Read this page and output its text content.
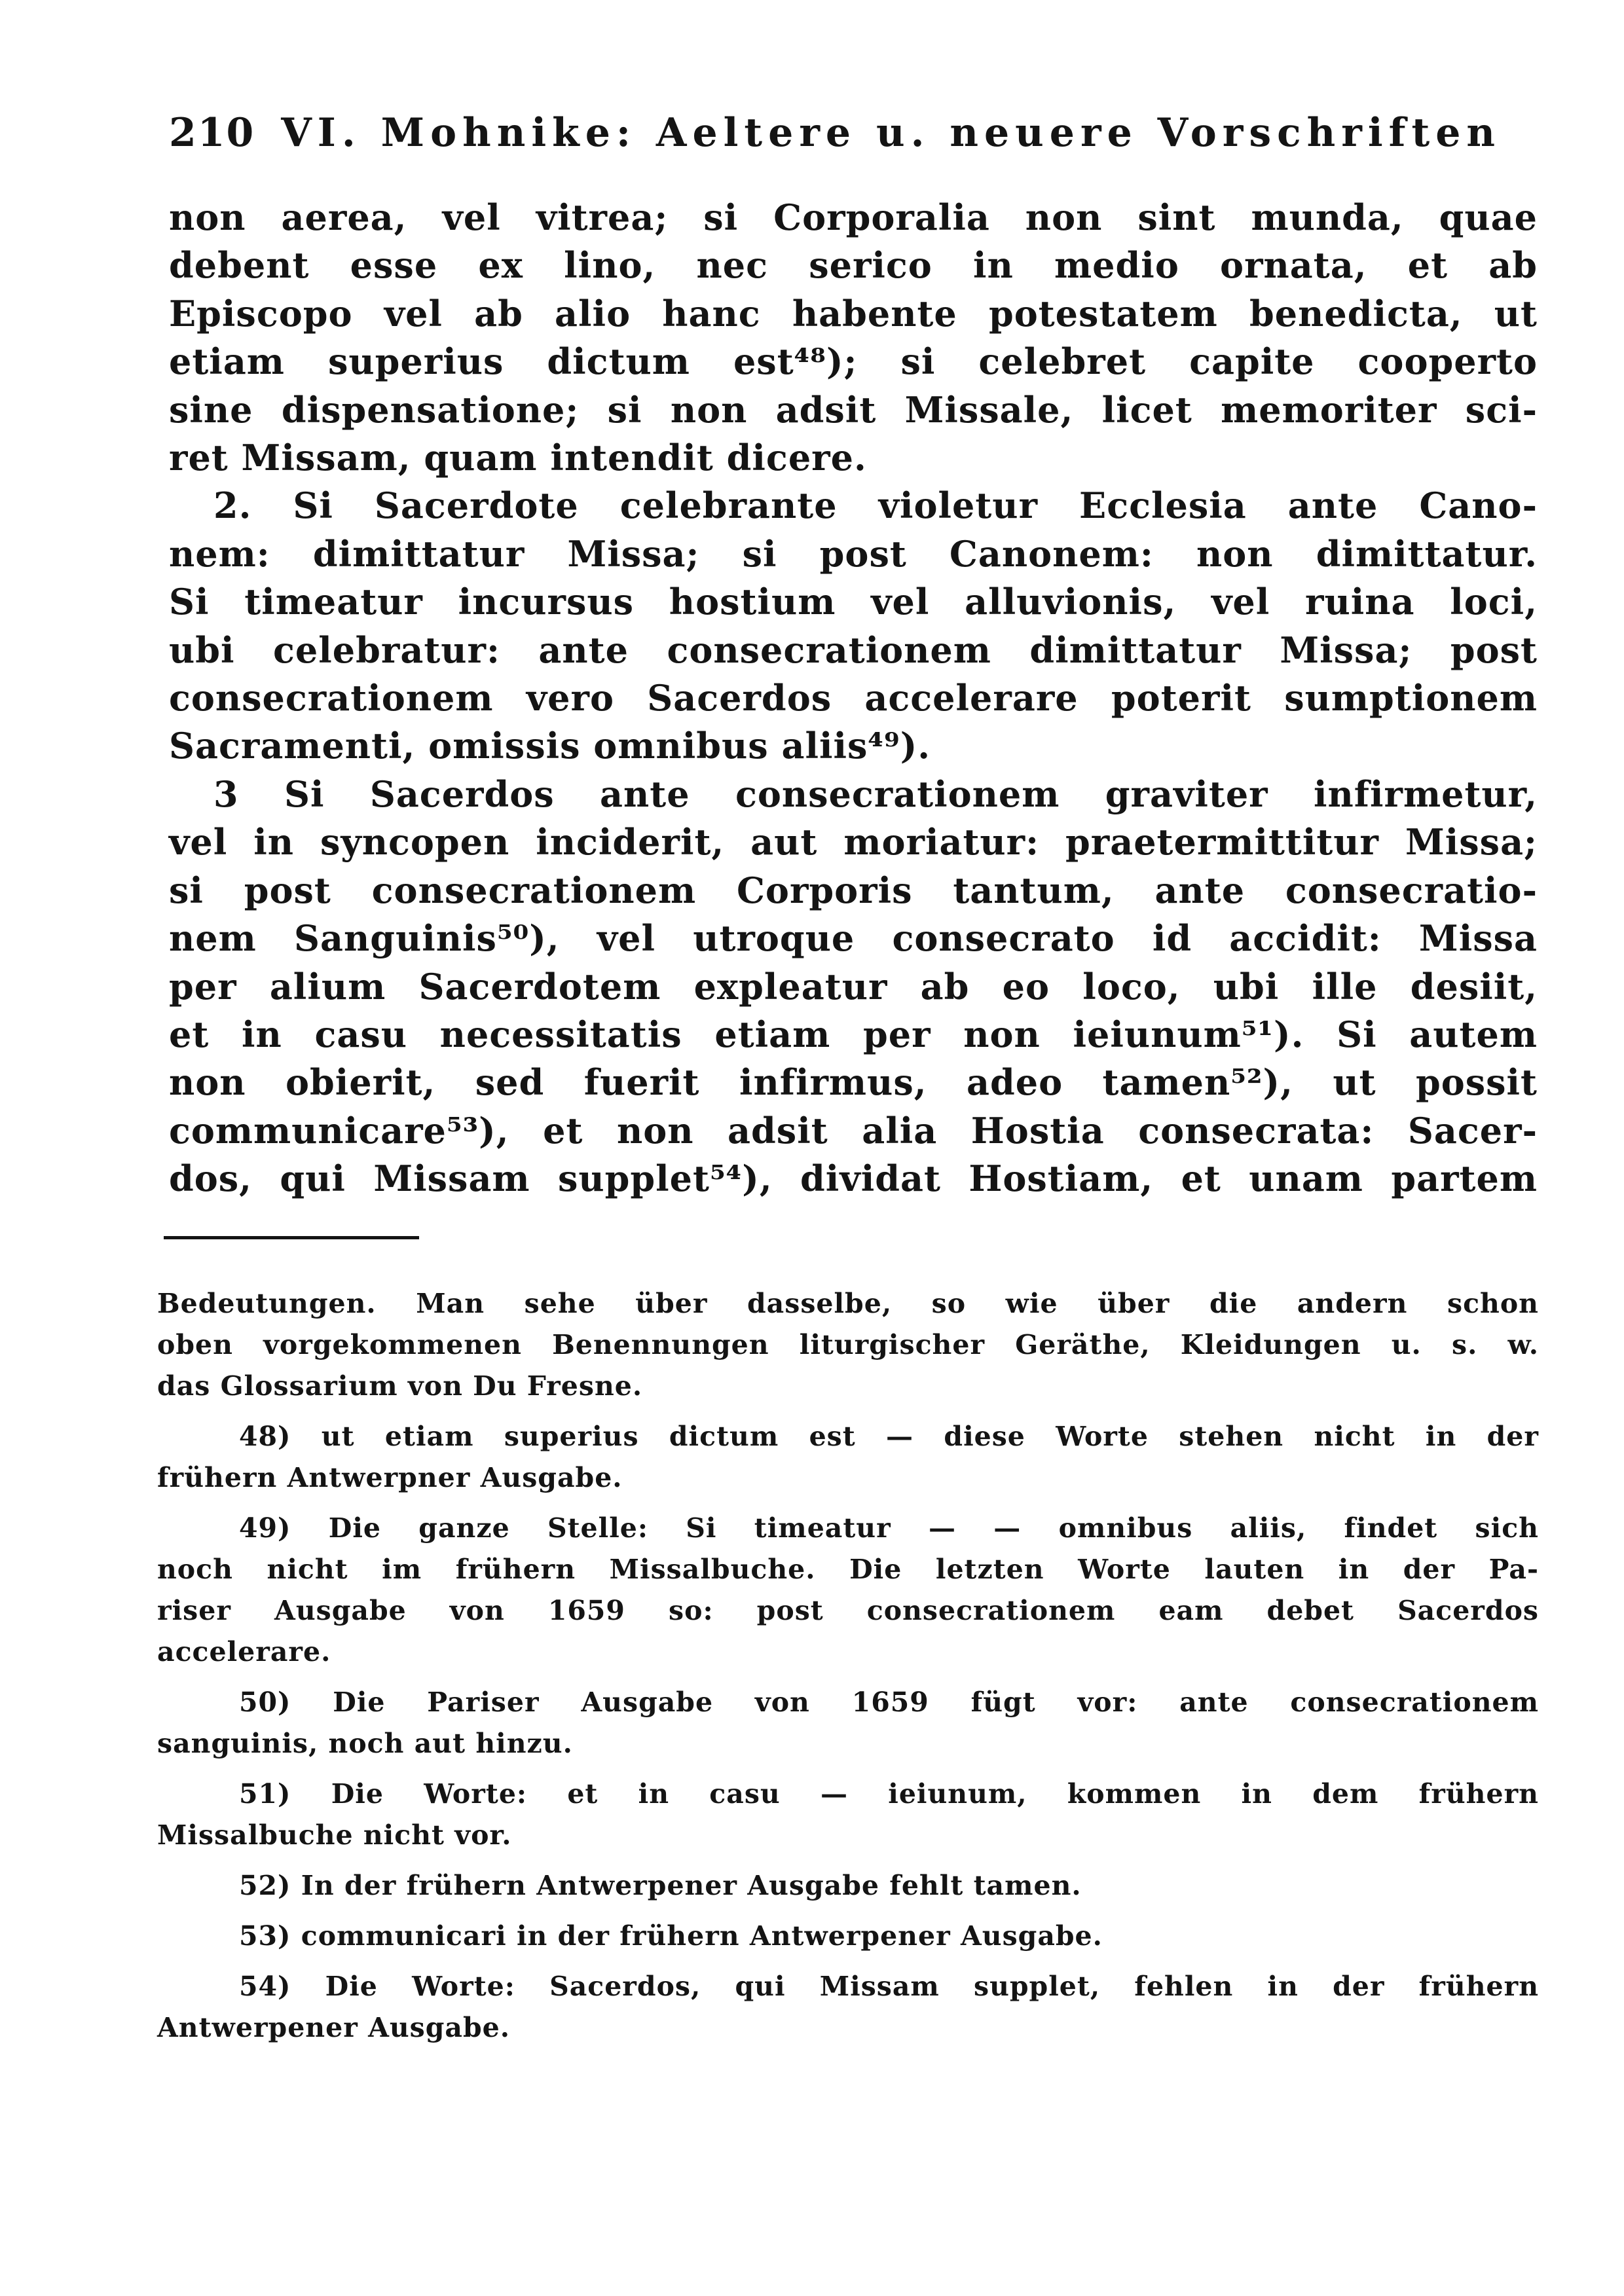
210 VI. Mohnike: Aeltere u. neuere Vorschriften
non aerea, vel vitrea; si Corporalia non sint munda, quae
debent esse ex lino, nec serico in medio ornata, et ab
Episcopo vel ab alio hanc habente potestatem benedicta, ut
etiam superius dictum est⁴⁸); si celebret capite cooperto
sine dispensatione; si non adsit Missale, licet memoriter sci-
ret Missam, quam intendit dicere.
2. Si Sacerdote celebrante violetur Ecclesia ante Cano-
nem: dimittatur Missa; si post Canonem: non dimittatur.
Si timeatur incursus hostium vel alluvionis, vel ruina loci,
ubi celebratur: ante consecrationem dimittatur Missa; post
consecrationem vero Sacerdos accelerare poterit sumptionem
Sacramenti, omissis omnibus aliis⁴⁹).
3 Si Sacerdos ante consecrationem graviter infirmetur,
vel in syncopen inciderit, aut moriatur: praetermittitur Missa;
si post consecrationem Corporis tantum, ante consecratio-
nem Sanguinis⁵⁰), vel utroque consecrato id accidit: Missa
per alium Sacerdotem expleatur ab eo loco, ubi ille desiit,
et in casu necessitatis etiam per non ieiunum⁵¹). Si autem
non obierit, sed fuerit infirmus, adeo tamen⁵²), ut possit
communicare⁵³), et non adsit alia Hostia consecrata: Sacer-
dos, qui Missam supplet⁵⁴), dividat Hostiam, et unam partem
Bedeutungen. Man sehe über dasselbe, so wie über die andern schon
oben vorgekommenen Benennungen liturgischer Geräthe, Kleidungen u. s. w.
das Glossarium von Du Fresne.
48) ut etiam superius dictum est — diese Worte stehen nicht in der
frühern Antwerpner Ausgabe.
49) Die ganze Stelle: Si timeatur — — omnibus aliis, findet sich
noch nicht im frühern Missalbuche. Die letzten Worte lauten in der Pa-
riser Ausgabe von 1659 so: post consecrationem eam debet Sacerdos
accelerare.
50) Die Pariser Ausgabe von 1659 fügt vor: ante consecrationem
sanguinis, noch aut hinzu.
51) Die Worte: et in casu — ieiunum, kommen in dem frühern
Missalbuche nicht vor.
52) In der frühern Antwerpener Ausgabe fehlt tamen.
53) communicari in der frühern Antwerpener Ausgabe.
54) Die Worte: Sacerdos, qui Missam supplet, fehlen in der frühern
Antwerpener Ausgabe.
